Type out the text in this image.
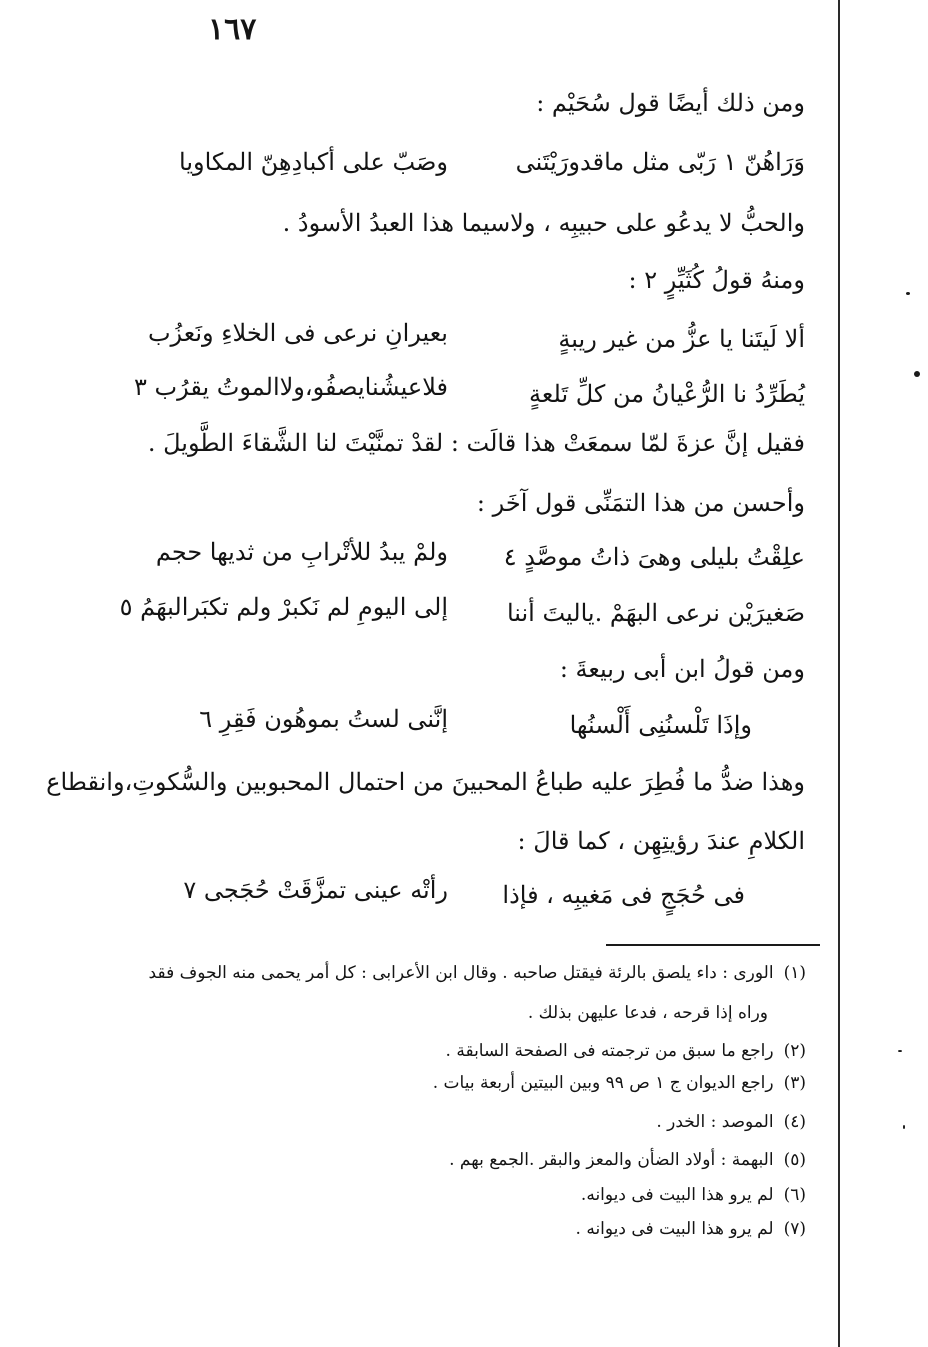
١٦٧
ومن ذلك أيضًا قول سُحَيْم :
وَرَاهُنّ ١ رَبّى مثل ماقدورَيْتَنى
وصَبّ على أكبادِهِنّ المكاويا
والحبُّ لا يدعُو على حبيبِه ، ولاسيما هذا العبدُ الأسودُ .
ومنهُ قولُ كُثَيِّرٍ ٢ :
ألا لَيتَنا يا عزُّ من غير ريبةٍ
بعيرانِ نرعى فى الخلاءِ ونَعزُب
يُطَرِّدُ نا الرُّعْيانُ من كلِّ تَلعةٍ
فلاعيشُنايصفُو،ولاالموتُ يقرُب ٣
فقيل إنَّ عزةَ لمّا سمعَتْ هذا قالَت : لقدْ تمنَّيْتَ لنا الشَّقاءَ الطَّويلَ .
وأحسن من هذا التمَنِّى قول آخَر :
علِقْتُ بليلى وهىَ ذاتُ موصَّدٍ ٤
ولمْ يبدُ للأتْرابِ من ثديها حجم
صَغيرَيْن نرعى البهَمْ .ياليتَ أننا
إلى اليومِ لم نَكبرْ ولم تكبَرالبهَمُ ٥
ومن قولُ ابن أبى ربيعةَ :
وإذَا تَلْسنُنِى أَلْسنُها
إنَّنى لستُ بموهُون فَقِرِ ٦
وهذا ضدُّ ما فُطِرَ عليه طباعُ المحبينَ من احتمال المحبوبين والسُّكوتِ،وانقطاع
الكلامِ عندَ رؤيتِهِن ، كما قالَ :
فى حُجَجٍ فى مَغيبِه ، فإذا
رأتْه عينى تمزَّقَتْ حُجَجى ٧
(١)الورى : داء يلصق بالرئة فيقتل صاحبه . وقال ابن الأعرابى : كل أمر يحمى منه الجوف فقد
وراه إذا قرحه ، فدعا عليهن بذلك .
(٢)راجع ما سبق من ترجمته فى الصفحة السابقة .
(٣)راجع الديوان ج ١ ص ٩٩ وبين البيتين أربعة بيات .
(٤)الموصد : الخدر .
(٥)البهمة : أولاد الضأن والمعز والبقر .الجمع بهم .
(٦)لم يرو هذا البيت فى ديوانه.
(٧)لم يرو هذا البيت فى ديوانه .
